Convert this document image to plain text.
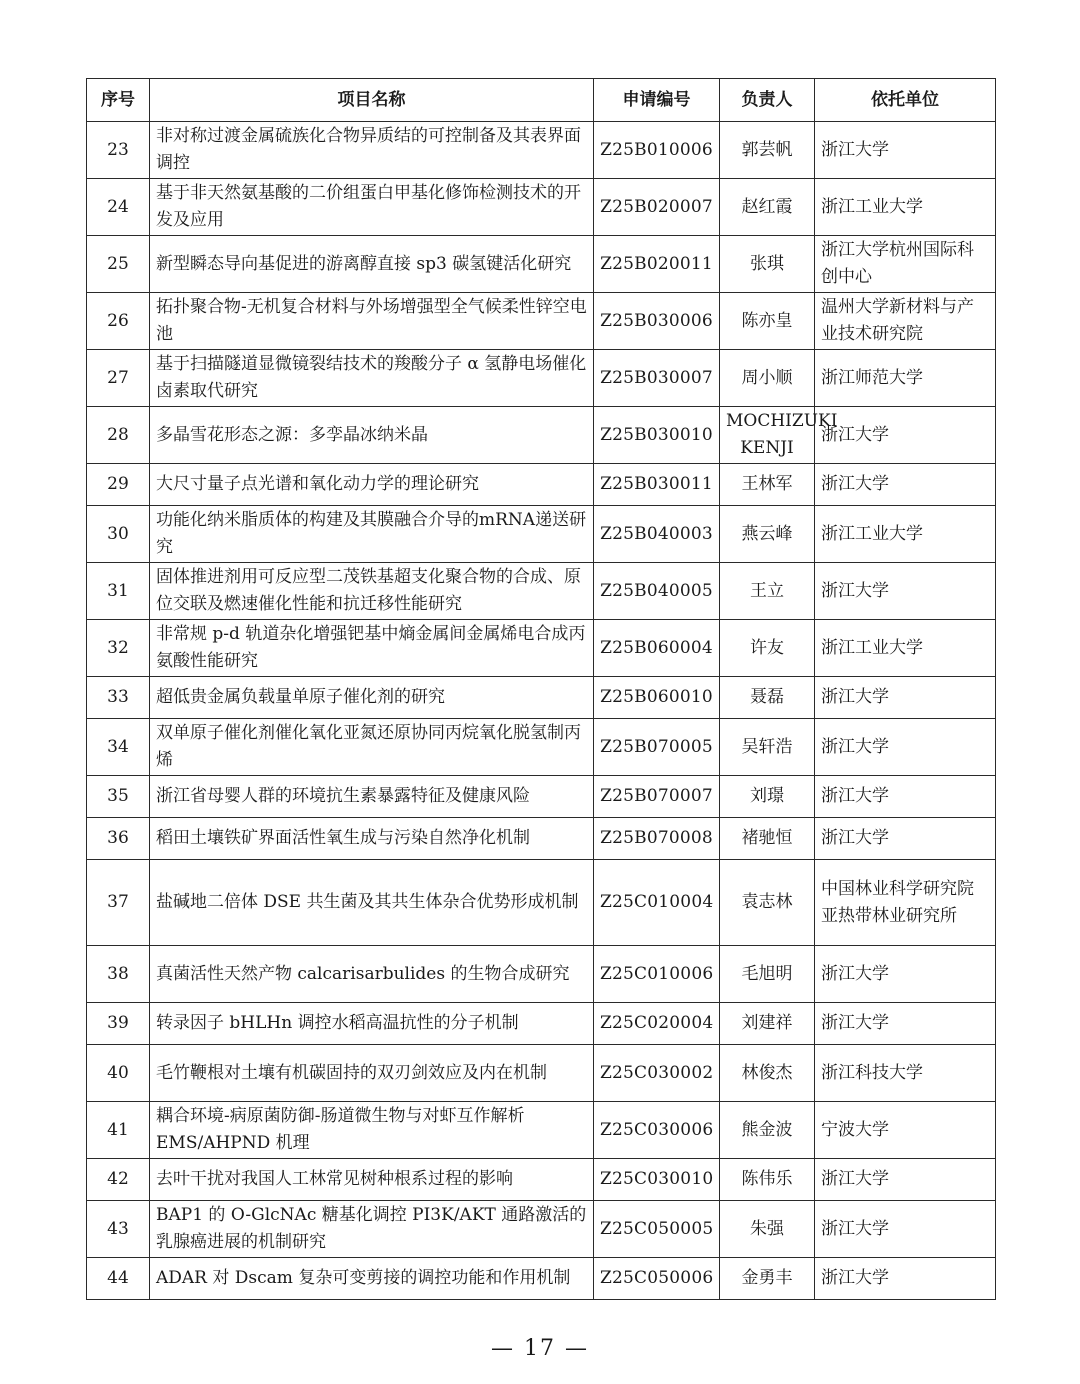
序号	项目名称	申请编号	负责人	依托单位
23	非对称过渡金属硫族化合物异质结的可控制备及其表界面调控	Z25B010006	郭芸帆	浙江大学
24	基于非天然氨基酸的二价组蛋白甲基化修饰检测技术的开发及应用	Z25B020007	赵红霞	浙江工业大学
25	新型瞬态导向基促进的游离醇直接 sp3 碳氢键活化研究	Z25B020011	张琪	浙江大学杭州国际科创中心
26	拓扑聚合物-无机复合材料与外场增强型全气候柔性锌空电池	Z25B030006	陈亦皇	温州大学新材料与产业技术研究院
27	基于扫描隧道显微镜裂结技术的羧酸分子 α 氢静电场催化卤素取代研究	Z25B030007	周小顺	浙江师范大学
28	多晶雪花形态之源：多孪晶冰纳米晶	Z25B030010	MOCHIZUKI KENJI	浙江大学
29	大尺寸量子点光谱和氧化动力学的理论研究	Z25B030011	王林军	浙江大学
30	功能化纳米脂质体的构建及其膜融合介导的mRNA递送研究	Z25B040003	燕云峰	浙江工业大学
31	固体推进剂用可反应型二茂铁基超支化聚合物的合成、原位交联及燃速催化性能和抗迁移性能研究	Z25B040005	王立	浙江大学
32	非常规 p-d 轨道杂化增强钯基中熵金属间金属烯电合成丙氨酸性能研究	Z25B060004	许友	浙江工业大学
33	超低贵金属负载量单原子催化剂的研究	Z25B060010	聂磊	浙江大学
34	双单原子催化剂催化氧化亚氮还原协同丙烷氧化脱氢制丙烯	Z25B070005	吴轩浩	浙江大学
35	浙江省母婴人群的环境抗生素暴露特征及健康风险	Z25B070007	刘璟	浙江大学
36	稻田土壤铁矿界面活性氧生成与污染自然净化机制	Z25B070008	褚驰恒	浙江大学
37	盐碱地二倍体 DSE 共生菌及其共生体杂合优势形成机制	Z25C010004	袁志林	中国林业科学研究院亚热带林业研究所
38	真菌活性天然产物 calcarisarbulides 的生物合成研究	Z25C010006	毛旭明	浙江大学
39	转录因子 bHLHn 调控水稻高温抗性的分子机制	Z25C020004	刘建祥	浙江大学
40	毛竹鞭根对土壤有机碳固持的双刃剑效应及内在机制	Z25C030002	林俊杰	浙江科技大学
41	耦合环境-病原菌防御-肠道微生物与对虾互作解析EMS/AHPND 机理	Z25C030006	熊金波	宁波大学
42	去叶干扰对我国人工林常见树种根系过程的影响	Z25C030010	陈伟乐	浙江大学
43	BAP1 的 O-GlcNAc 糖基化调控 PI3K/AKT 通路激活的乳腺癌进展的机制研究	Z25C050005	朱强	浙江大学
44	ADAR 对 Dscam 复杂可变剪接的调控功能和作用机制	Z25C050006	金勇丰	浙江大学
— 17 —
